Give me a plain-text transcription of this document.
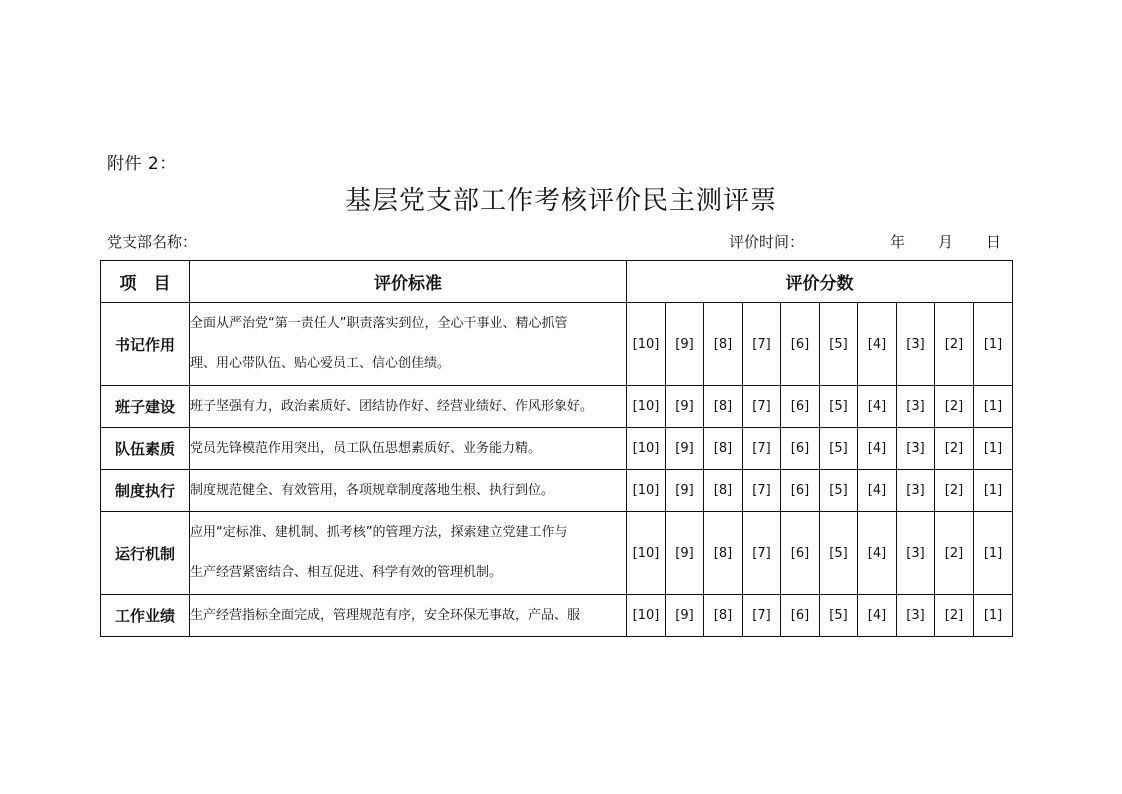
附件 2：
基层党支部工作考核评价民主测评票
党支部名称：	评价时间：	年 月 日
项　目	评价标准	评价分数									
书记作用	全面从严治党“第一责任人”职责落实到位，全心干事业、精心抓管
理、用心带队伍、贴心爱员工、信心创佳绩。	[10]	[9]	[8]	[7]	[6]	[5]	[4]	[3]	[2]	[1]
班子建设	班子坚强有力，政治素质好、团结协作好、经营业绩好、作风形象好。	[10]	[9]	[8]	[7]	[6]	[5]	[4]	[3]	[2]	[1]
队伍素质	党员先锋模范作用突出，员工队伍思想素质好、业务能力精。	[10]	[9]	[8]	[7]	[6]	[5]	[4]	[3]	[2]	[1]
制度执行	制度规范健全、有效管用，各项规章制度落地生根、执行到位。	[10]	[9]	[8]	[7]	[6]	[5]	[4]	[3]	[2]	[1]
运行机制	应用“定标准、建机制、抓考核”的管理方法，探索建立党建工作与
生产经营紧密结合、相互促进、科学有效的管理机制。	[10]	[9]	[8]	[7]	[6]	[5]	[4]	[3]	[2]	[1]
工作业绩	生产经营指标全面完成，管理规范有序，安全环保无事故，产品、服	[10]	[9]	[8]	[7]	[6]	[5]	[4]	[3]	[2]	[1]
